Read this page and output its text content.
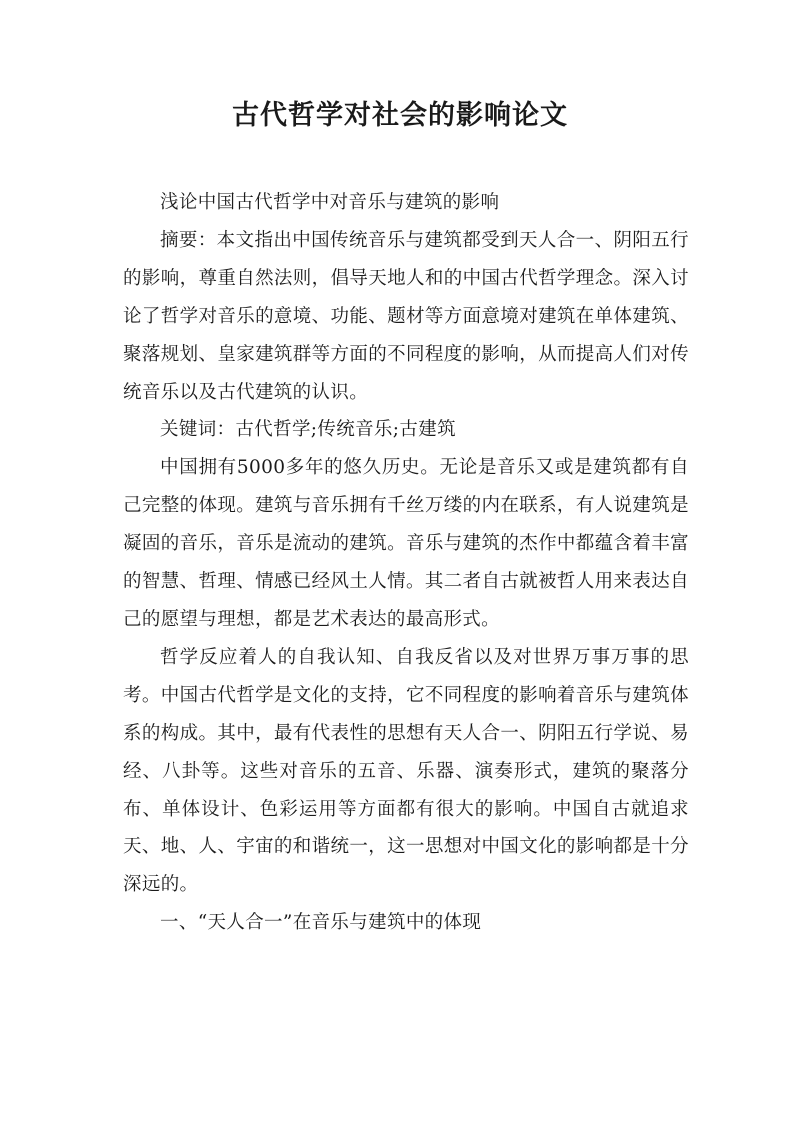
古代哲学对社会的影响论文

浅论中国古代哲学中对音乐与建筑的影响

摘要：本文指出中国传统音乐与建筑都受到天人合一、阴阳五行的影响，尊重自然法则，倡导天地人和的中国古代哲学理念。深入讨论了哲学对音乐的意境、功能、题材等方面意境对建筑在单体建筑、聚落规划、皇家建筑群等方面的不同程度的影响，从而提高人们对传统音乐以及古代建筑的认识。

关键词：古代哲学;传统音乐;古建筑

中国拥有5000多年的悠久历史。无论是音乐又或是建筑都有自己完整的体现。建筑与音乐拥有千丝万缕的内在联系，有人说建筑是凝固的音乐，音乐是流动的建筑。音乐与建筑的杰作中都蕴含着丰富的智慧、哲理、情感已经风土人情。其二者自古就被哲人用来表达自己的愿望与理想，都是艺术表达的最高形式。

哲学反应着人的自我认知、自我反省以及对世界万事万事的思考。中国古代哲学是文化的支持，它不同程度的影响着音乐与建筑体系的构成。其中，最有代表性的思想有天人合一、阴阳五行学说、易经、八卦等。这些对音乐的五音、乐器、演奏形式，建筑的聚落分布、单体设计、色彩运用等方面都有很大的影响。中国自古就追求天、地、人、宇宙的和谐统一，这一思想对中国文化的影响都是十分深远的。

一、“天人合一”在音乐与建筑中的体现
